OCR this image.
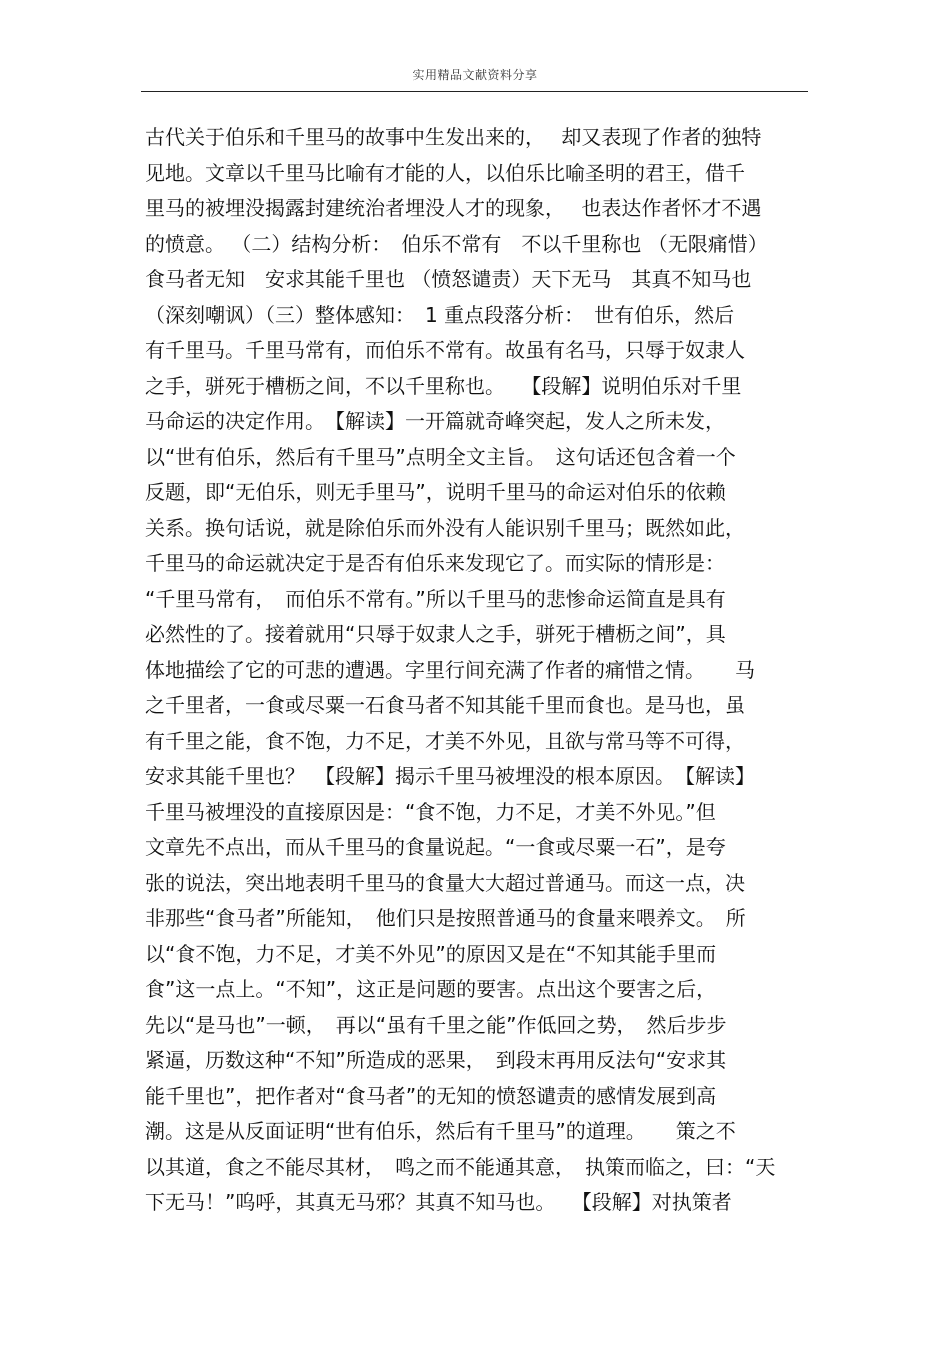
实用精品文献资料分享
古代关于伯乐和千里马的故事中生发出来的，　 却又表现了作者的独特
见地。文章以千里马比喻有才能的人，以伯乐比喻圣明的君王，借千
里马的被埋没揭露封建统治者埋没人才的现象，　 也表达作者怀才不遇
的愤意。 （二）结构分析：　伯乐不常有　不以千里称也 （无限痛惜）
食马者无知　安求其能千里也 （愤怒谴责）天下无马　其真不知马也
（深刻嘲讽）（三）整体感知：　1 重点段落分析：　世有伯乐，然后
有千里马。千里马常有，而伯乐不常有。故虽有名马，只辱于奴隶人
之手，骈死于槽枥之间，不以千里称也。　 【段解】说明伯乐对千里
马命运的决定作用。　【解读】一开篇就奇峰突起，发人之所未发，
以“世有伯乐，然后有千里马”点明全文主旨。　这句话还包含着一个
反题，即“无伯乐，则无手里马”，说明千里马的命运对伯乐的依赖
关系。换句话说，就是除伯乐而外没有人能识别千里马；既然如此，
千里马的命运就决定于是否有伯乐来发现它了。而实际的情形是：
“千里马常有，　而伯乐不常有。”所以千里马的悲惨命运简直是具有
必然性的了。接着就用“只辱于奴隶人之手，骈死于槽枥之间”，具
体地描绘了它的可悲的遭遇。字里行间充满了作者的痛惜之情。　　马
之千里者，一食或尽粟一石食马者不知其能千里而食也。是马也，虽
有千里之能，食不饱，力不足，才美不外见，且欲与常马等不可得，
安求其能千里也？　【段解】揭示千里马被埋没的根本原因。　【解读】
千里马被埋没的直接原因是：“食不饱，力不足，才美不外见。”但
文章先不点出，而从千里马的食量说起。“一食或尽粟一石”，是夸
张的说法，突出地表明千里马的食量大大超过普通马。而这一点，决
非那些“食马者”所能知，　他们只是按照普通马的食量来喂养文。　所
以“食不饱，力不足，才美不外见”的原因又是在“不知其能手里而
食”这一点上。“不知”，这正是问题的要害。点出这个要害之后，
先以“是马也”一顿，　再以“虽有千里之能”作低回之势，　然后步步
紧逼，历数这种“不知”所造成的恶果，　到段末再用反法句“安求其
能千里也”，把作者对“食马者”的无知的愤怒谴责的感情发展到高
潮。这是从反面证明“世有伯乐，然后有千里马”的道理。　　策之不
以其道，食之不能尽其材，　鸣之而不能通其意，　执策而临之，曰：“天
下无马！”呜呼，其真无马邪？其真不知马也。　 【段解】对执策者
